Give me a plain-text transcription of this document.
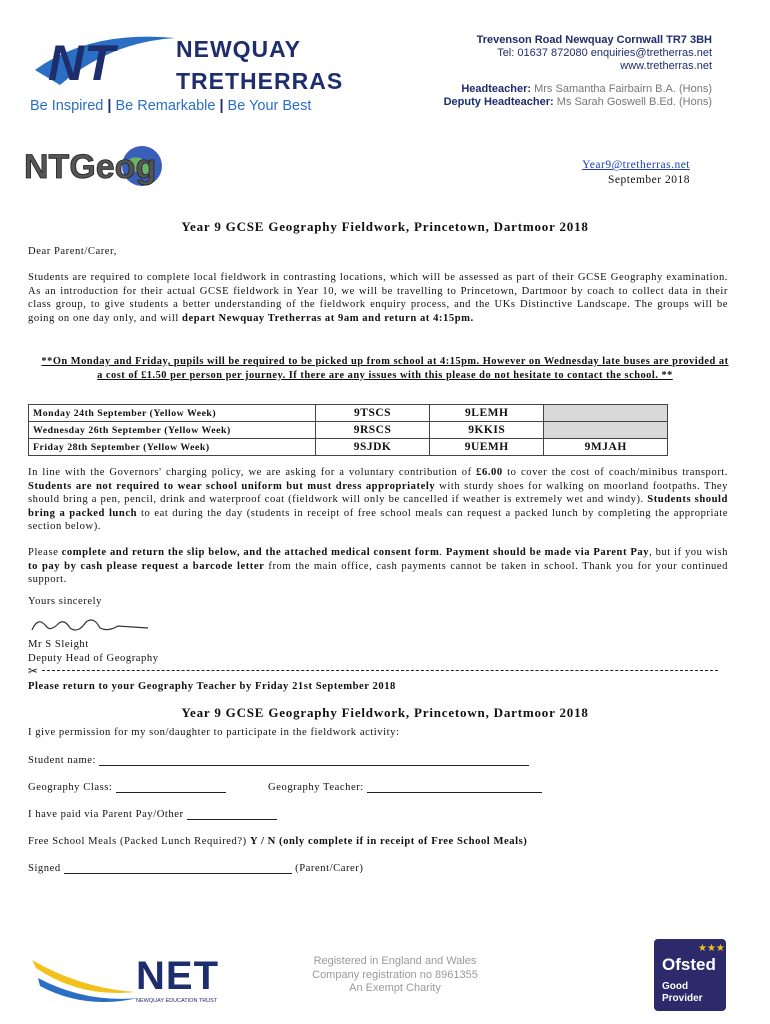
NT	NEWQUAY
TRETHERRAS
Be Inspired | Be Remarkable | Be Your Best
Trevenson Road Newquay Cornwall TR7 3BH
Tel: 01637 872080 enquiries@tretherras.net
www.tretherras.net
Headteacher: Mrs Samantha Fairbairn B.A. (Hons)
Deputy Headteacher: Ms Sarah Goswell B.Ed. (Hons)
NTGeog	Year9@tretherras.net
September 2018
Year 9 GCSE Geography Fieldwork, Princetown, Dartmoor 2018
Dear Parent/Carer,
Students are required to complete local fieldwork in contrasting locations, which will be assessed as part of their GCSE Geography examination. As an introduction for their actual GCSE fieldwork in Year 10, we will be travelling to Princetown, Dartmoor by coach to collect data in their class group, to give students a better understanding of the fieldwork enquiry process, and the UKs Distinctive Landscape. The groups will be going on one day only, and will depart Newquay Tretherras at 9am and return at 4:15pm.
**On Monday and Friday, pupils will be required to be picked up from school at 4:15pm. However on Wednesday late buses are provided at a cost of £1.50 per person per journey. If there are any issues with this please do not hesitate to contact the school. **
Monday 24th September (Yellow Week)	9TSCS	9LEMH	
Wednesday 26th September (Yellow Week)	9RSCS	9KKIS	
Friday 28th September (Yellow Week)	9SJDK	9UEMH	9MJAH
In line with the Governors' charging policy, we are asking for a voluntary contribution of £6.00 to cover the cost of coach/minibus transport. Students are not required to wear school uniform but must dress appropriately with sturdy shoes for walking on moorland footpaths. They should bring a pen, pencil, drink and waterproof coat (fieldwork will only be cancelled if weather is extremely wet and windy). Students should bring a packed lunch to eat during the day (students in receipt of free school meals can request a packed lunch by completing the appropriate section below).
Please complete and return the slip below, and the attached medical consent form. Payment should be made via Parent Pay, but if you wish to pay by cash please request a barcode letter from the main office, cash payments cannot be taken in school. Thank you for your continued support.
Yours sincerely
Mr S Sleight
Deputy Head of Geography
✂
Please return to your Geography Teacher by Friday 21st September 2018
Year 9 GCSE Geography Fieldwork, Princetown, Dartmoor 2018
I give permission for my son/daughter to participate in the fieldwork activity:
Student name:
Geography Class:	Geography Teacher:
I have paid via Parent Pay/Other
Free School Meals (Packed Lunch Required?) Y / N (only complete if in receipt of Free School Meals)
Signed	(Parent/Carer)
NET
NEWQUAY EDUCATION TRUST
Registered in England and Wales
Company registration no 8961355
An Exempt Charity
★★★
Ofsted
Good
Provider
